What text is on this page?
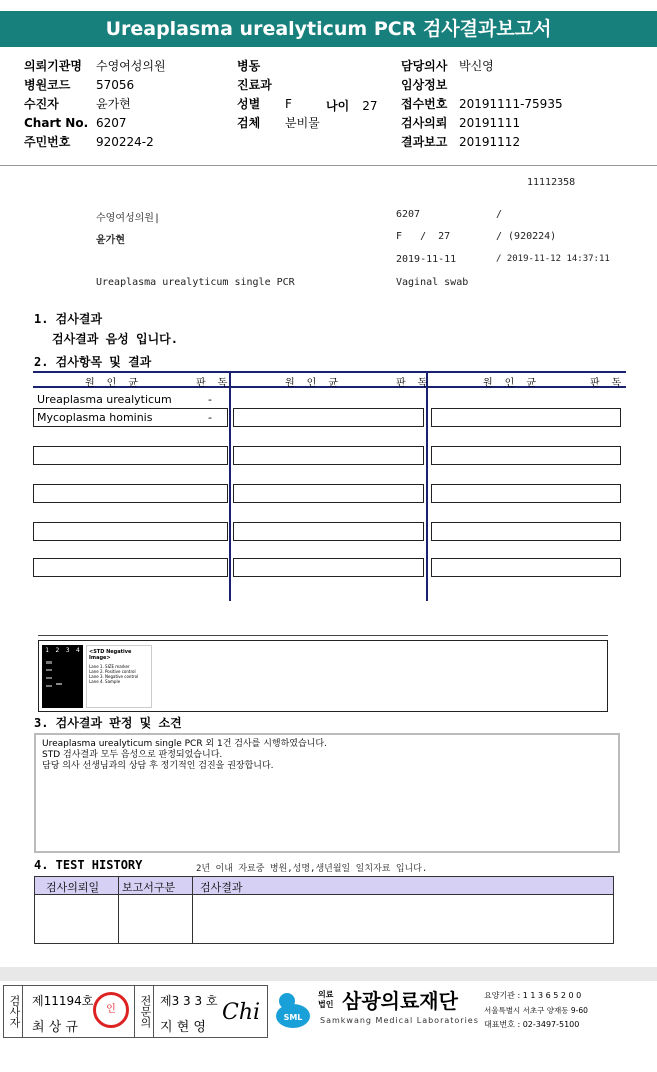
Ureaplasma urealyticum PCR 검사결과보고서
의뢰기관명 수영여성의원
병원코드 57056
수진자	윤가현
Chart No. 6207
주민번호 920224-2
병동
진료과
성별 F
검체 분비물
나이 27
담당의사 박신영
임상정보
접수번호 20191111-75935
검사의뢰 20191111
결과보고 20191112
11112358
수영여성의원|	6207	/
윤가현	F   /  27	/ (920224)
2019-11-11	/ 2019-11-12 14:37:11
Ureaplasma urealyticum single PCR	Vaginal swab
1. 검사결과
검사결과 음성 입니다.
2. 검사항목 및 결과
원 인 균	판 독	원 인 균	판 독	원 인 균	판 독
Ureaplasma urealyticum	-
Mycoplasma hominis	-
1 2 3 4	<STD Negative Image>
Lane 1. SIZE marker
Lane 2. Positive control
Lane 3. Negative control
Lane 4. Sample
3. 검사결과 판정 및 소견
Ureaplasma urealyticum single PCR 외 1건 검사를 시행하였습니다.
STD 검사결과 모두 음성으로 판정되었습니다.
담당 의사 선생님과의 상담 후 정기적인 검진을 권장합니다.
4. TEST HISTORY	2년 이내 자료중 병원,성명,생년월일 일치자료 입니다.
검사의뢰일 보고서구분 검사결과
검사자 제11194호
최 상 규
인	전문의 제3 3 3 호
지 현 영
Chi	SML
의료
법인 삼광의료재단
Samkwang Medical Laboratories
요양기관 : 1 1 3 6 5 2 0 0
서울특별시 서초구 양재동 9-60
대표번호 : 02-3497-5100
